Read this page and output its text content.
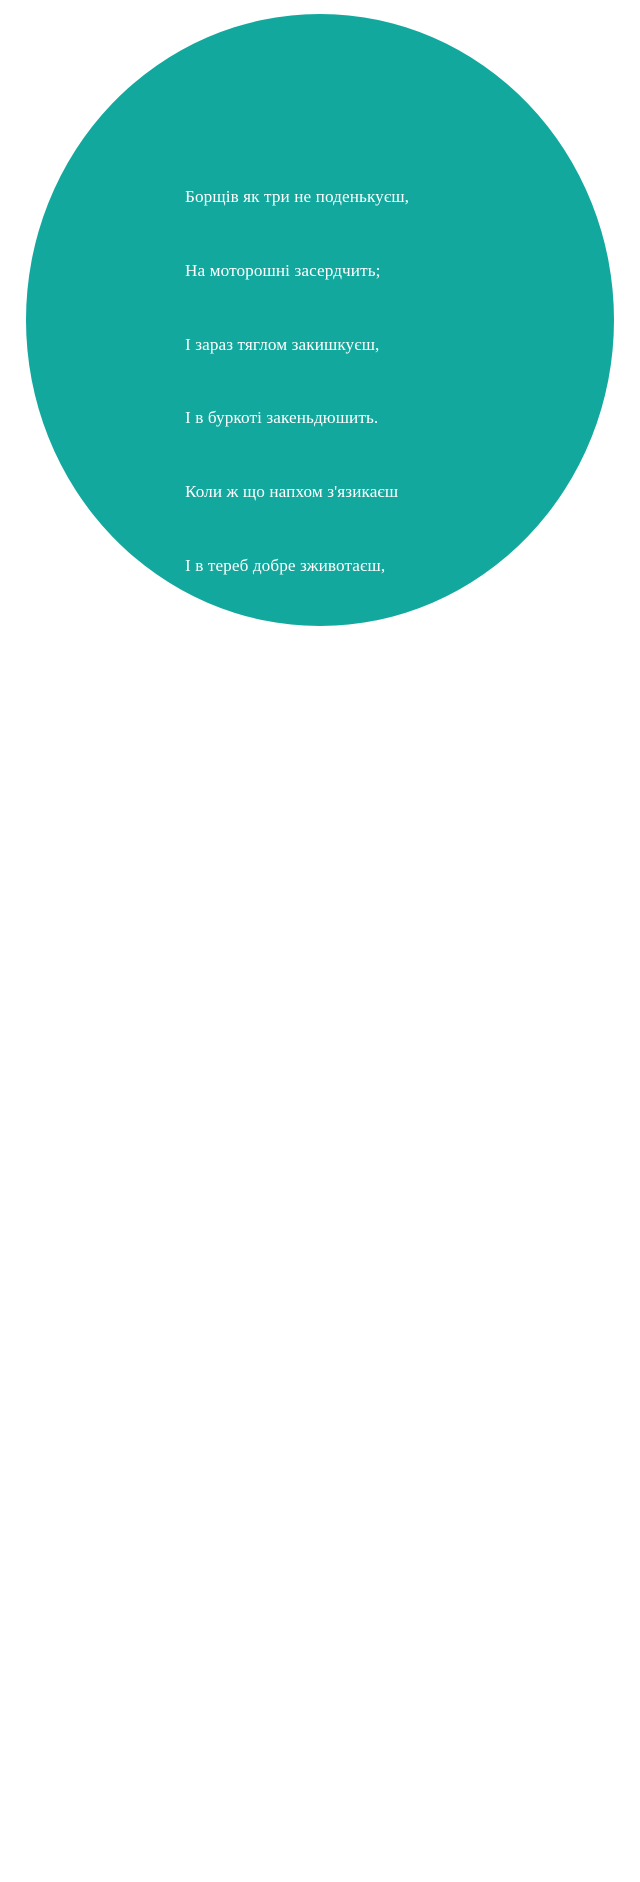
Борщів як три не поденькуєш,

На моторошні засердчить;

І зараз тяглом закишкуєш,

І в буркоті закеньдюшить.

Коли ж що напхом з'язикаєш

І в тереб добре зживотаєш,

То на веселі занутрить;

Об лихо вдаром заземлюєш,

І ввесь забуд свій зголодуєш,

І біг до горя зачортить.

Та що абищоти верзлялом,

Не казку кормом солов'ять:

Ось ну, закалиткуй бряскалом,

То радощі заденежать.

Коли давало спі'ятакуєш,

То, може, чуло зновинуеш.

Якщо з тобою спередить:

Куди на плавах човновати,

Як угодили Юнонати

І як Еней замінервить.
